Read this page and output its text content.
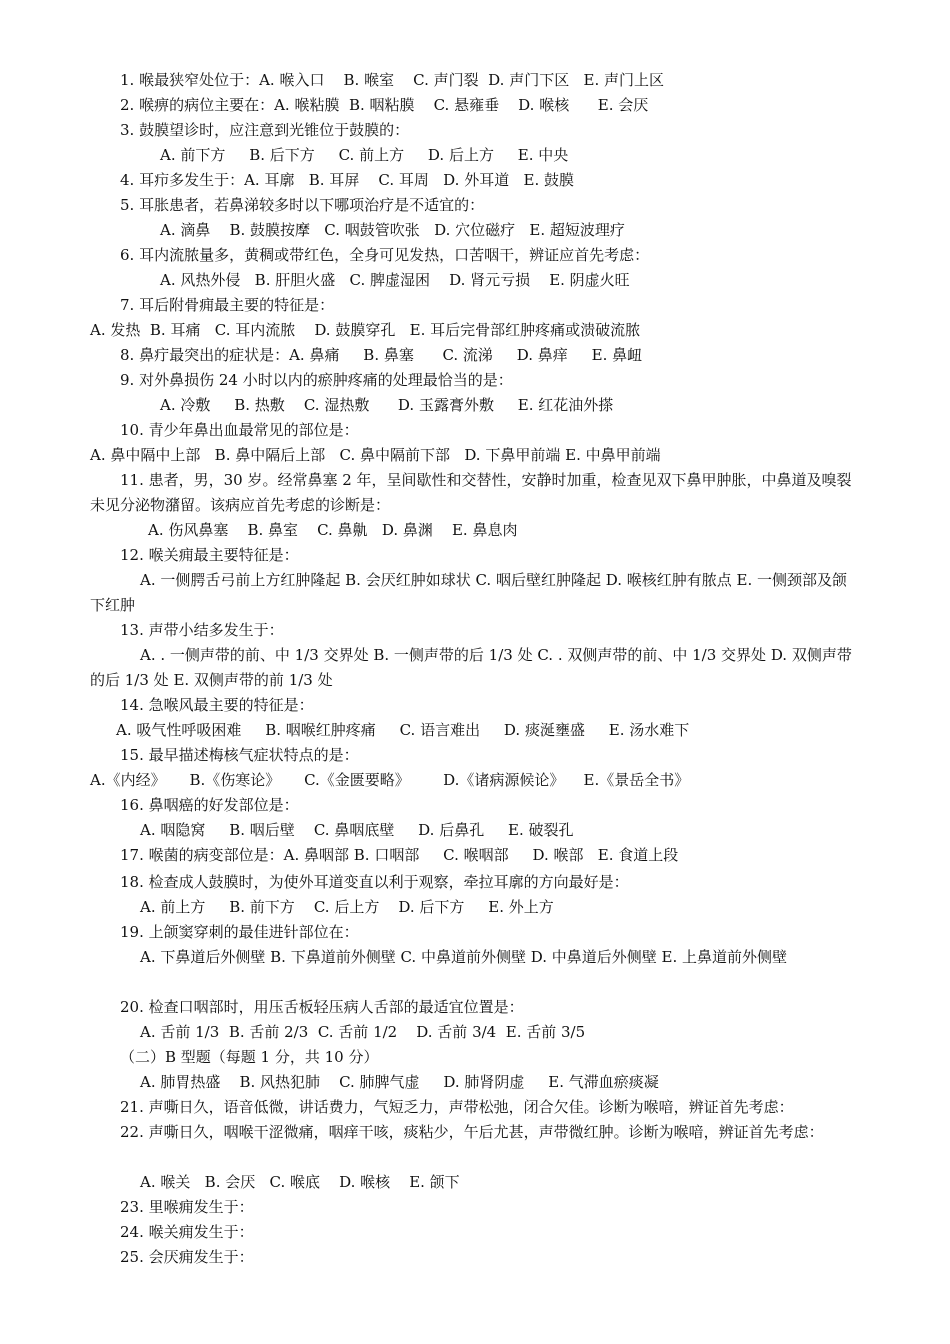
1. 喉最狭窄处位于：A. 喉入口    B. 喉室    C. 声门裂  D. 声门下区   E. 声门上区
2. 喉痹的病位主要在：A. 喉粘膜  B. 咽粘膜    C. 悬雍垂    D. 喉核      E. 会厌
3. 鼓膜望诊时，应注意到光锥位于鼓膜的：
A. 前下方     B. 后下方     C. 前上方     D. 后上方     E. 中央
4. 耳疖多发生于：A. 耳廓   B. 耳屏    C. 耳周   D. 外耳道   E. 鼓膜
5. 耳胀患者，若鼻涕较多时以下哪项治疗是不适宜的：
A. 滴鼻    B. 鼓膜按摩   C. 咽鼓管吹张   D. 穴位磁疗   E. 超短波理疗
6. 耳内流脓量多，黄稠或带红色，全身可见发热，口苦咽干，辨证应首先考虑：
A. 风热外侵   B. 肝胆火盛   C. 脾虚湿困    D. 肾元亏损    E. 阴虚火旺
7. 耳后附骨痈最主要的特征是：
A. 发热  B. 耳痛   C. 耳内流脓    D. 鼓膜穿孔   E. 耳后完骨部红肿疼痛或溃破流脓
8. 鼻疔最突出的症状是：A. 鼻痛     B. 鼻塞      C. 流涕     D. 鼻痒     E. 鼻衄
9. 对外鼻损伤 24 小时以内的瘀肿疼痛的处理最恰当的是：
A. 冷敷     B. 热敷    C. 湿热敷      D. 玉露膏外敷     E. 红花油外搽
10. 青少年鼻出血最常见的部位是：
A. 鼻中隔中上部   B. 鼻中隔后上部   C. 鼻中隔前下部   D. 下鼻甲前端 E. 中鼻甲前端
11. 患者，男，30 岁。经常鼻塞 2 年，呈间歇性和交替性，安静时加重，检查见双下鼻甲肿胀，中鼻道及嗅裂未见分泌物潴留。该病应首先考虑的诊断是：
A. 伤风鼻塞    B. 鼻室    C. 鼻鼽   D. 鼻渊    E. 鼻息肉
12. 喉关痈最主要特征是：
A. 一侧腭舌弓前上方红肿隆起 B. 会厌红肿如球状 C. 咽后壁红肿隆起 D. 喉核红肿有脓点 E. 一侧颈部及颌下红肿
13. 声带小结多发生于：
A. . 一侧声带的前、中 1/3 交界处 B. 一侧声带的后 1/3 处 C. . 双侧声带的前、中 1/3 交界处 D. 双侧声带的后 1/3 处 E. 双侧声带的前 1/3 处
14. 急喉风最主要的特征是：
A. 吸气性呼吸困难     B. 咽喉红肿疼痛     C. 语言难出     D. 痰涎壅盛     E. 汤水难下
15. 最早描述梅核气症状特点的是：
A.《内经》     B.《伤寒论》     C.《金匮要略》       D.《诸病源候论》    E.《景岳全书》
16. 鼻咽癌的好发部位是：
A. 咽隐窝     B. 咽后壁    C. 鼻咽底壁     D. 后鼻孔     E. 破裂孔
17. 喉菌的病变部位是：A. 鼻咽部 B. 口咽部     C. 喉咽部     D. 喉部   E. 食道上段
18. 检查成人鼓膜时，为使外耳道变直以利于观察，牵拉耳廓的方向最好是：
A. 前上方     B. 前下方    C. 后上方    D. 后下方     E. 外上方
19. 上颌窦穿刺的最佳进针部位在：
A. 下鼻道后外侧壁 B. 下鼻道前外侧壁 C. 中鼻道前外侧壁 D. 中鼻道后外侧壁 E. 上鼻道前外侧壁
20. 检查口咽部时，用压舌板轻压病人舌部的最适宜位置是：
A. 舌前 1/3  B. 舌前 2/3  C. 舌前 1/2    D. 舌前 3/4  E. 舌前 3/5
（二）B 型题（每题 1 分，共 10 分）
A. 肺胃热盛    B. 风热犯肺    C. 肺脾气虚     D. 肺肾阴虚     E. 气滞血瘀痰凝
21. 声嘶日久，语音低微，讲话费力，气短乏力，声带松弛，闭合欠佳。诊断为喉喑，辨证首先考虑：
22. 声嘶日久，咽喉干涩微痛，咽痒干咳，痰粘少，午后尤甚，声带微红肿。诊断为喉喑，辨证首先考虑：
A. 喉关   B. 会厌   C. 喉底    D. 喉核    E. 颌下
23. 里喉痈发生于：
24. 喉关痈发生于：
25. 会厌痈发生于：
